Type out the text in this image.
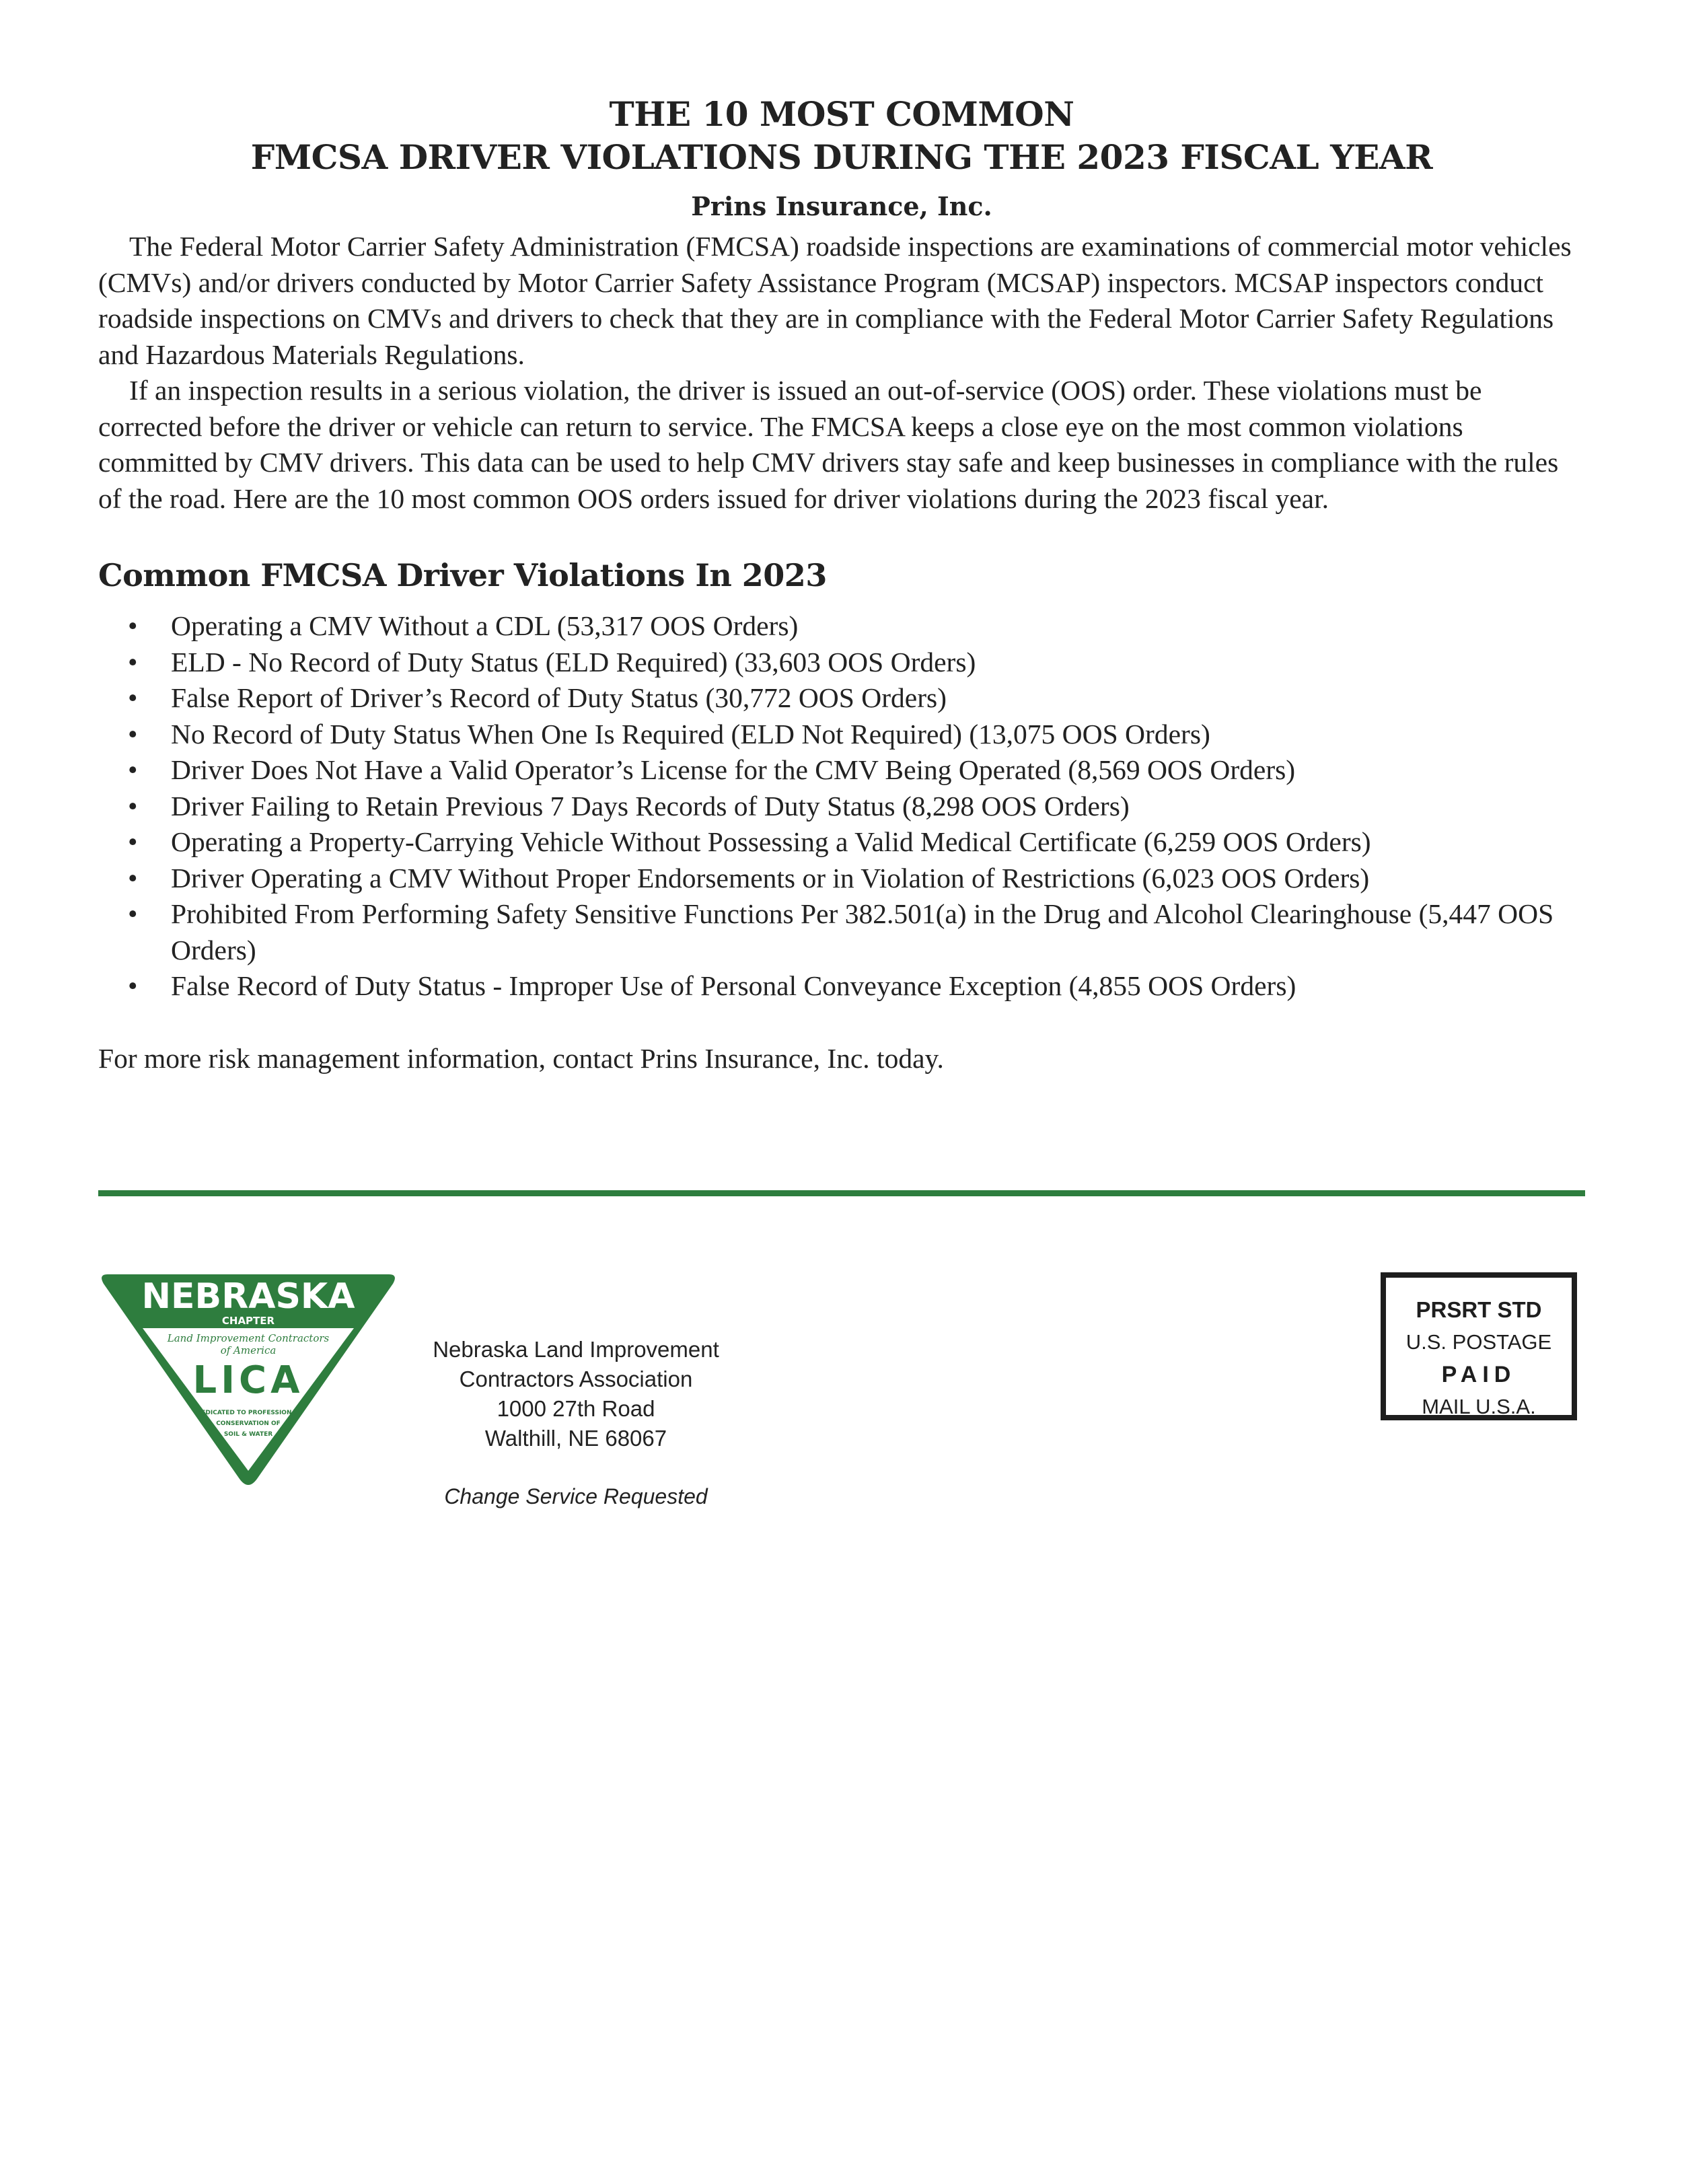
THE 10 MOST COMMON
FMCSA DRIVER VIOLATIONS DURING THE 2023 FISCAL YEAR
Prins Insurance, Inc.

The Federal Motor Carrier Safety Administration (FMCSA) roadside inspections are examinations of commercial motor vehicles (CMVs) and/or drivers conducted by Motor Carrier Safety Assistance Program (MCSAP) inspectors. MCSAP inspectors conduct roadside inspections on CMVs and drivers to check that they are in compliance with the Federal Motor Carrier Safety Regulations and Hazardous Materials Regulations.

If an inspection results in a serious violation, the driver is issued an out-of-service (OOS) order. These violations must be corrected before the driver or vehicle can return to service. The FMCSA keeps a close eye on the most common violations committed by CMV drivers. This data can be used to help CMV drivers stay safe and keep businesses in compliance with the rules of the road. Here are the 10 most common OOS orders issued for driver violations during the 2023 fiscal year.

Common FMCSA Driver Violations In 2023
• Operating a CMV Without a CDL (53,317 OOS Orders)
• ELD - No Record of Duty Status (ELD Required) (33,603 OOS Orders)
• False Report of Driver’s Record of Duty Status (30,772 OOS Orders)
• No Record of Duty Status When One Is Required (ELD Not Required) (13,075 OOS Orders)
• Driver Does Not Have a Valid Operator’s License for the CMV Being Operated (8,569 OOS Orders)
• Driver Failing to Retain Previous 7 Days Records of Duty Status (8,298 OOS Orders)
• Operating a Property-Carrying Vehicle Without Possessing a Valid Medical Certificate (6,259 OOS Orders)
• Driver Operating a CMV Without Proper Endorsements or in Violation of Restrictions (6,023 OOS Orders)
• Prohibited From Performing Safety Sensitive Functions Per 382.501(a) in the Drug and Alcohol Clearinghouse (5,447 OOS Orders)
• False Record of Duty Status - Improper Use of Personal Conveyance Exception (4,855 OOS Orders)
For more risk management information, contact Prins Insurance, Inc. today.
NEBRASKA
CHAPTER
Land Improvement Contractors
of America
LICA
DEDICATED TO PROFESSIONAL
CONSERVATION OF
SOIL & WATER
Nebraska Land Improvement
Contractors Association
1000 27th Road
Walthill, NE 68067
Change Service Requested
PRSRT STD
U.S. POSTAGE
PAID
MAIL U.S.A.
